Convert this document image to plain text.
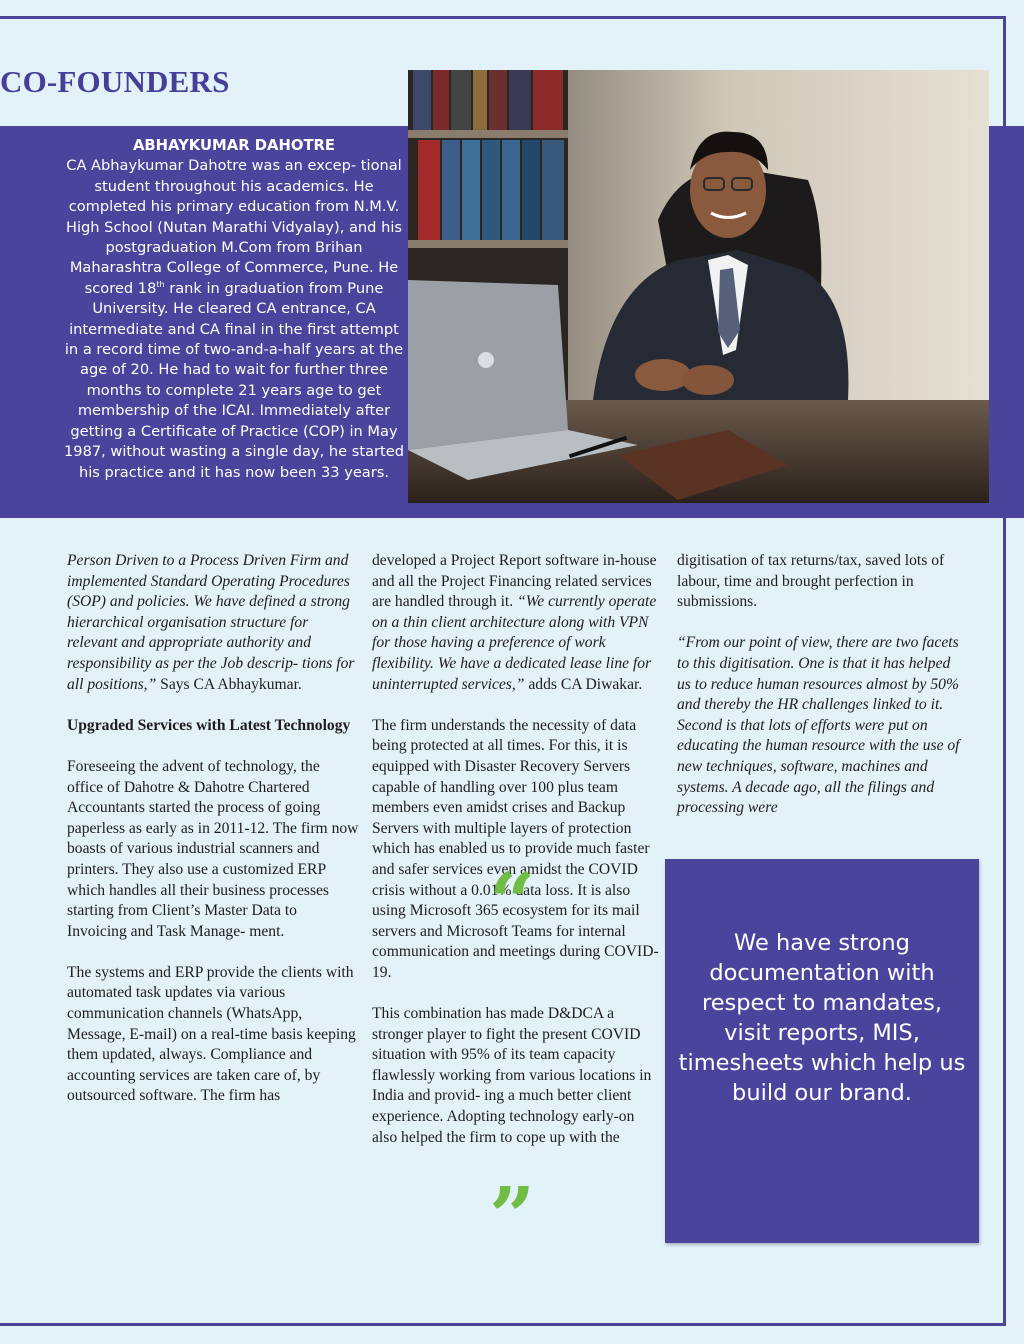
CO-FOUNDERS
ABHAYKUMAR DAHOTRE
CA Abhaykumar Dahotre was an excep- tional student throughout his academics. He completed his primary education from N.M.V. High School (Nutan Marathi Vidyalay), and his postgraduation M.Com from Brihan Maharashtra College of Commerce, Pune. He scored 18th rank in graduation from Pune University. He cleared CA entrance, CA intermediate and CA final in the first attempt in a record time of two-and-a-half years at the age of 20. He had to wait for further three months to complete 21 years age to get membership of the ICAI. Immediately after getting a Certificate of Practice (COP) in May 1987, without wasting a single day, he started his practice and it has now been 33 years.

Person Driven to a Process Driven Firm and implemented Standard Operating Procedures (SOP) and policies. We have defined a strong hierarchical organisation structure for relevant and appropriate authority and responsibility as per the Job descrip- tions for all positions,” Says CA Abhaykumar.

Upgraded Services with Latest Technology

Foreseeing the advent of technology, the office of Dahotre & Dahotre Chartered Accountants started the process of going paperless as early as in 2011-12. The firm now boasts of various industrial scanners and printers. They also use a customized ERP which handles all their business processes starting from Client’s Master Data to Invoicing and Task Manage- ment.

The systems and ERP provide the clients with automated task updates via various communication channels (WhatsApp, Message, E-mail) on a real-time basis keeping them updated, always. Compliance and accounting services are taken care of, by outsourced software. The firm has

developed a Project Report software in-house and all the Project Financing related services are handled through it. “We currently operate on a thin client architecture along with VPN for those having a preference of work flexibility. We have a dedicated lease line for uninterrupted services,” adds CA Diwakar.

The firm understands the necessity of data being protected at all times. For this, it is equipped with Disaster Recovery Servers capable of handling over 100 plus team members even amidst crises and Backup Servers with multiple layers of protection which has enabled us to provide much faster and safer services even amidst the COVID crisis without a 0.01% data loss. It is also using Microsoft 365 ecosystem for its mail servers and Microsoft Teams for internal communication and meetings during COVID-19.

This combination has made D&DCA a stronger player to fight the present COVID situation with 95% of its team capacity flawlessly working from various locations in India and provid- ing a much better client experience. Adopting technology early-on also helped the firm to cope up with the

digitisation of tax returns/tax, saved lots of labour, time and brought perfection in submissions.

“From our point of view, there are two facets to this digitisation. One is that it has helped us to reduce human resources almost by 50% and thereby the HR challenges linked to it. Second is that lots of efforts were put on educating the human resource with the use of new techniques, software, machines and systems. A decade ago, all the filings and processing were

“	We have strong documentation with respect to mandates, visit reports, MIS, timesheets which help us build our brand.
”
